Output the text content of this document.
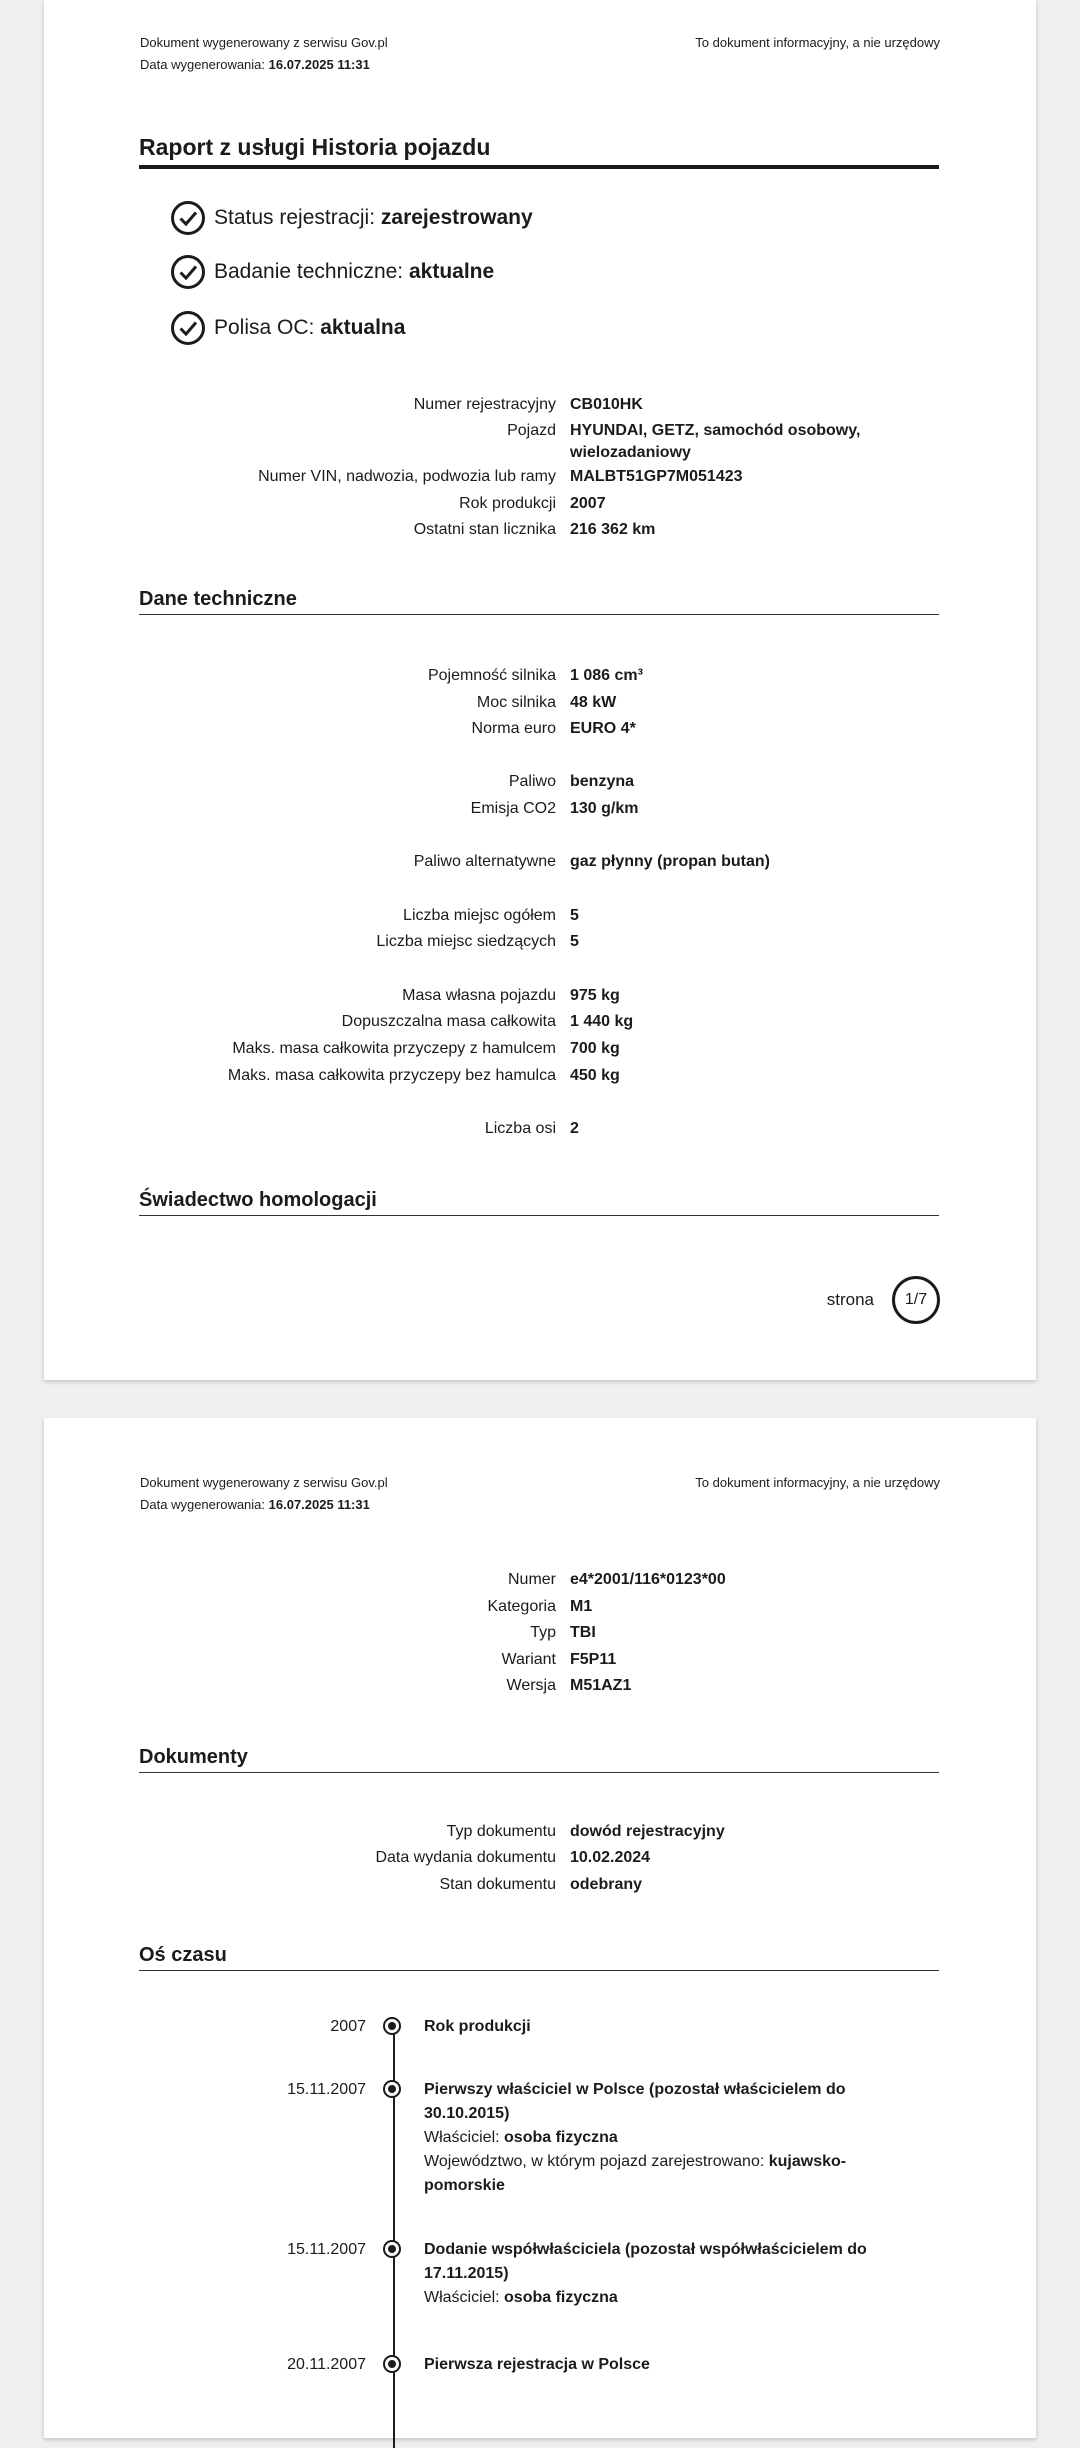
Dokument wygenerowany z serwisu Gov.pl
Data wygenerowania: 16.07.2025 11:31
To dokument informacyjny, a nie urzędowy
Raport z usługi Historia pojazdu
Status rejestracji:
zarejestrowany
Badanie techniczne:
aktualne
Polisa OC:
aktualna
Numer rejestracyjny CB010HK
Pojazd HYUNDAI, GETZ, samochód osobowy, wielozadaniowy
Numer VIN, nadwozia, podwozia lub ramy MALBT51GP7M051423
Rok produkcji 2007
Ostatni stan licznika 216 362 km
Dane techniczne
Pojemność silnika 1 086 cm³
Moc silnika 48 kW
Norma euro EURO 4*
Paliwo benzyna
Emisja CO2 130 g/km
Paliwo alternatywne gaz płynny (propan butan)
Liczba miejsc ogółem 5
Liczba miejsc siedzących 5
Masa własna pojazdu 975 kg
Dopuszczalna masa całkowita 1 440 kg
Maks. masa całkowita przyczepy z hamulcem 700 kg
Maks. masa całkowita przyczepy bez hamulca 450 kg
Liczba osi 2
Świadectwo homologacji
strona	1/7
Dokument wygenerowany z serwisu Gov.pl
Data wygenerowania: 16.07.2025 11:31
To dokument informacyjny, a nie urzędowy
Numer e4*2001/116*0123*00
Kategoria M1
Typ TBI
Wariant F5P11
Wersja M51AZ1
Dokumenty
Typ dokumentu dowód rejestracyjny
Data wydania dokumentu 10.02.2024
Stan dokumentu odebrany
Oś czasu
2007	Rok produkcji
15.11.2007	Pierwszy właściciel w Polsce (pozostał właścicielem do 30.10.2015)
Właściciel: osoba fizyczna
Województwo, w którym pojazd zarejestrowano: kujawsko-pomorskie
15.11.2007	Dodanie współwłaściciela (pozostał współwłaścicielem do 17.11.2015)
Właściciel: osoba fizyczna
20.11.2007	Pierwsza rejestracja w Polsce
